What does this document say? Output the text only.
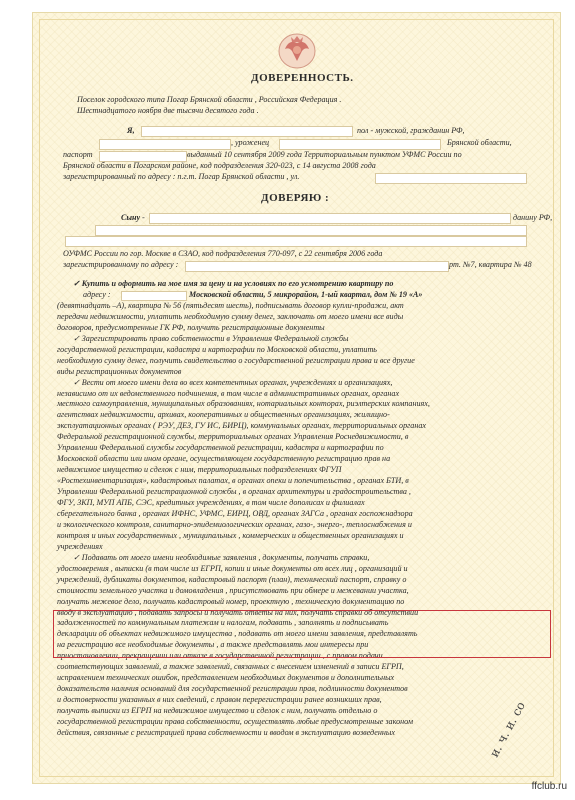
ДОВЕРЕННОСТЬ.
Поселок городского типа Погар Брянской области , Российская Федерация .
Шестнадцатого ноября две тысячи десятого года .
Я,	пол - мужской, гражданин РФ,
, уроженец	Брянской области,
паспорт	выданный 10 сентября 2009 года Территориальным пунктом УФМС России по
Брянской области в Погарском районе, код подразделения 320-023, с 14 августа 2008 года
зарегистрированный по адресу : п.г.т. Погар Брянской области , ул.
ДОВЕРЯЮ :
Сыну -	данину РФ,
ОУФМС России по гор. Москве в СЗАО, код подразделения 770-097, с 22 сентября 2006 года
зарегистрированному по адресу :	рт. №7, квартира № 48
✓ Купить и оформить на мое имя за цену и на условиях по его усмотрению квартиру по
адресу :	Московской области, 5 микрорайон, 1-ый квартал, дом № 19 «А»
(девятнадцать –А), квартира № 56 (пятьдесят шесть), подписывать договор купли-продажи, акт
передачи недвижимости, уплатить необходимую сумму денег, заключать от моего имени все виды
договоров, предусмотренные ГК РФ, получить регистрационные документы
✓ Зарегистрировать право собственности в Управления Федеральной службы
государственной регистрации, кадастра и картографии по Московской области, уплатить
необходимую сумму денег, получить свидетельство о государственной регистрации права и все другие
виды регистрационных документов
✓ Вести от моего имени дела во всех компетентных органах, учреждениях и организациях,
независимо от их ведомственного подчинения, в том числе в административных органах, органах
местного самоуправления, муниципальных образованиях, нотариальных конторах, риэлтерских компаниях,
агентствах недвижимости, архивах, кооперативных и общественных организациях, жилищно-
эксплуатационных органах ( РЭУ, ДЕЗ, ГУ ИС, БИРЦ), коммунальных органах, территориальных органах
Федеральной регистрационной службы, территориальных органах Управления Роснедвижимости, в
Управлении Федеральной службы государственной регистрации, кадастра и картографии по
Московской области или ином органе, осуществляющем государственную регистрацию прав на
недвижимое имущество и сделок с ним, территориальных подразделениях ФГУП
«Ростехинвентаризация», кадастровых палатах, в органах опеки и попечительства , органах БТИ, в
Управлении Федеральной регистрационной службы , в органах архитектуры и градостроительства ,
ФГУ, ЗКП, МУП АПБ, СЭС, кредитных учреждениях, в том числе дополисах и филиалах
сберегательного банка , органах ИФНС, УФМС, ЕИРЦ, ОВД, органах ЗАГСа , органах госпожнадзора
и экологического контроля, санитарно-эпидемиологических органах, газо-, энерго-, теплоснабжения и
контроля и иных государственных , муниципальных , коммерческих и общественных организациях и
учреждениях
✓ Подавать от моего имени необходимые заявления , документы, получать справки,
удостоверения , выписки (в том числе из ЕГРП, копии и иные документы от всех лиц , организаций и
учреждений, дубликаты документов, кадастровый паспорт (план), технический паспорт, справку о
стоимости земельного участка и домовладения , присутствовать при обмере и межевании участка,
получать межевое дело, получать кадастровый номер, проектную , техническую документацию по
вводу в эксплуатацию , подавать запросы и получать ответы на них, получать справки об отсутствии
задолженностей по коммунальным платежам и налогам, подавать , заполнять и подписывать
декларации об объектах недвижимого имущества , подавать от моего имени заявления, представлять
на регистрацию все необходимые документы , а также представлять мои интересы при
приостановлении, прекращении или отказе в государственной регистрации , с правом подачи
соответствующих заявлений, а также заявлений, связанных с внесением изменений в записи ЕГРП,
исправлением технических ошибок, представлением необходимых документов и дополнительных
доказательств наличия оснований для государственной регистрации прав, подлинности документов
и достоверности указанных в них сведений, с правом перерегистрации ранее возникших прав,
получать выписки из ЕГРП на недвижимое имущество и сделок с ним, получать отдельно о
государственной регистрации права собственности, осуществлять любые предусмотренные законом
действия, связанные с регистрацией права собственности и вводом в эксплуатацию возведенных	и. ч. и. со
ffclub.ru
